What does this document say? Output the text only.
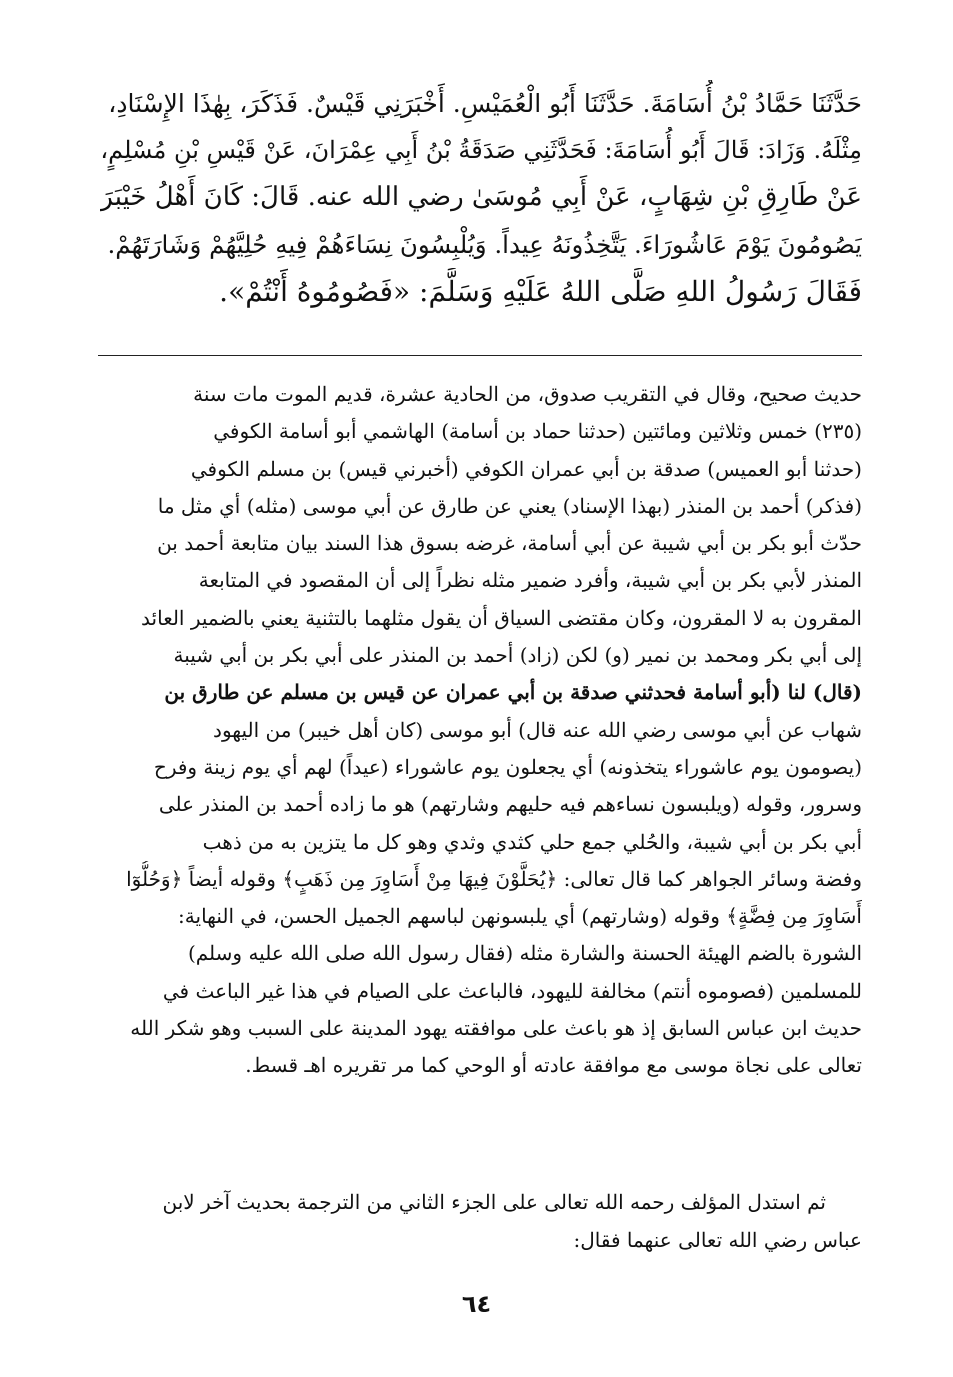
حَدَّثَنَا حَمَّادُ بْنُ أُسَامَةَ. حَدَّثَنَا أَبُو الْعُمَيْسِ. أَخْبَرَنِي قَيْسٌ. فَذَكَرَ، بِهٰذَا الإِسْنَادِ،
مِثْلَهُ. وَزَادَ: قَالَ أَبُو أُسَامَةَ: فَحَدَّثَنِي صَدَقَةُ بْنُ أَبِي عِمْرَانَ، عَنْ قَيْسِ بْنِ مُسْلِمٍ،
عَنْ طَارِقِ بْنِ شِهَابٍ، عَنْ أَبِي مُوسَىٰ رضي الله عنه. قَالَ: كَانَ أَهْلُ خَيْبَرَ
يَصُومُونَ يَوْمَ عَاشُورَاءَ. يَتَّخِذُونَهُ عِيداً. وَيُلْبِسُونَ نِسَاءَهُمْ فِيهِ حُلِيَّهُمْ وَشَارَتَهُمْ.
فَقَالَ رَسُولُ اللهِ صَلَّى اللهُ عَلَيْهِ وَسَلَّمَ: «فَصُومُوهُ أَنْتُمْ».
حديث صحيح، وقال في التقريب صدوق، من الحادية عشرة، قديم الموت مات سنة
(٢٣٥) خمس وثلاثين ومائتين (حدثنا حماد بن أسامة) الهاشمي أبو أسامة الكوفي
(حدثنا أبو العميس) صدقة بن أبي عمران الكوفي (أخبرني قيس) بن مسلم الكوفي
(فذكر) أحمد بن المنذر (بهذا الإسناد) يعني عن طارق عن أبي موسى (مثله) أي مثل ما
حدّث أبو بكر بن أبي شيبة عن أبي أسامة، غرضه بسوق هذا السند بيان متابعة أحمد بن
المنذر لأبي بكر بن أبي شيبة، وأفرد ضمير مثله نظراً إلى أن المقصود في المتابعة
المقرون به لا المقرون، وكان مقتضى السياق أن يقول مثلهما بالتثنية يعني بالضمير العائد
إلى أبي بكر ومحمد بن نمير (و) لكن (زاد) أحمد بن المنذر على أبي بكر بن أبي شيبة
(قال) لنا (أبو أسامة فحدثني صدقة بن أبي عمران عن قيس بن مسلم عن طارق بن
شهاب عن أبي موسى رضي الله عنه قال) أبو موسى (كان أهل خيبر) من اليهود
(يصومون يوم عاشوراء يتخذونه) أي يجعلون يوم عاشوراء (عيداً) لهم أي يوم زينة وفرح
وسرور، وقوله (ويلبسون نساءهم فيه حليهم وشارتهم) هو ما زاده أحمد بن المنذر على
أبي بكر بن أبي شيبة، والحُلي جمع حلي كثدي وثدي وهو كل ما يتزين به من ذهب
وفضة وسائر الجواهر كما قال تعالى: ﴿يُحَلَّوْنَ فِيهَا مِنْ أَسَاوِرَ مِن ذَهَبٍ﴾ وقوله أيضاً ﴿وَحُلُّوٓا
أَسَاوِرَ مِن فِضَّةٍ﴾ وقوله (وشارتهم) أي يلبسونهن لباسهم الجميل الحسن، في النهاية:
الشورة بالضم الهيئة الحسنة والشارة مثله (فقال رسول الله صلى الله عليه وسلم)
للمسلمين (فصوموه أنتم) مخالفة لليهود، فالباعث على الصيام في هذا غير الباعث في
حديث ابن عباس السابق إذ هو باعث على موافقته يهود المدينة على السبب وهو شكر الله
تعالى على نجاة موسى مع موافقة عادته أو الوحي كما مر تقريره اهـ قسط.
ثم استدل المؤلف رحمه الله تعالى على الجزء الثاني من الترجمة بحديث آخر لابن
عباس رضي الله تعالى عنهما فقال:
٦٤
